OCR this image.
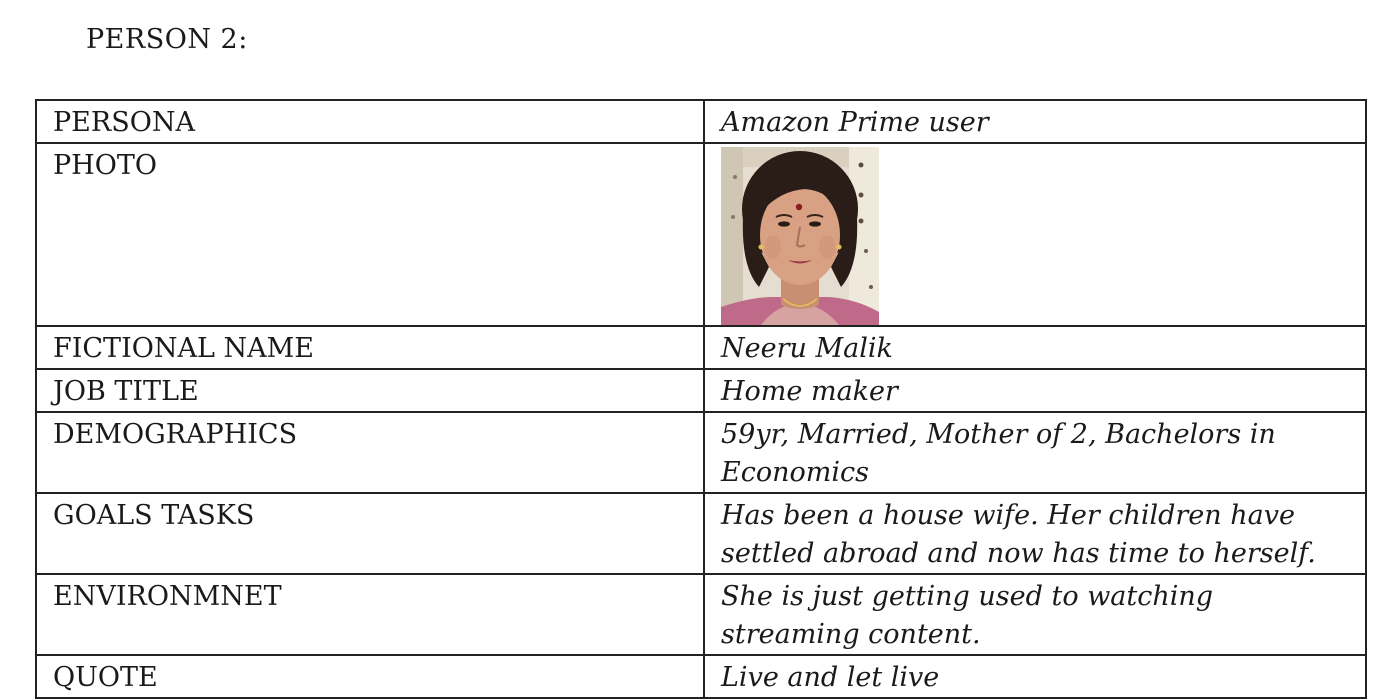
PERSON 2:
PERSONA	Amazon Prime user
PHOTO	

FICTIONAL NAME	Neeru Malik
JOB TITLE	Home maker
DEMOGRAPHICS	59yr, Married, Mother of 2, Bachelors in Economics
GOALS TASKS	Has been a house wife. Her children have settled abroad and now has time to herself.
ENVIRONMNET	She is just getting used to watching streaming content.
QUOTE	Live and let live
